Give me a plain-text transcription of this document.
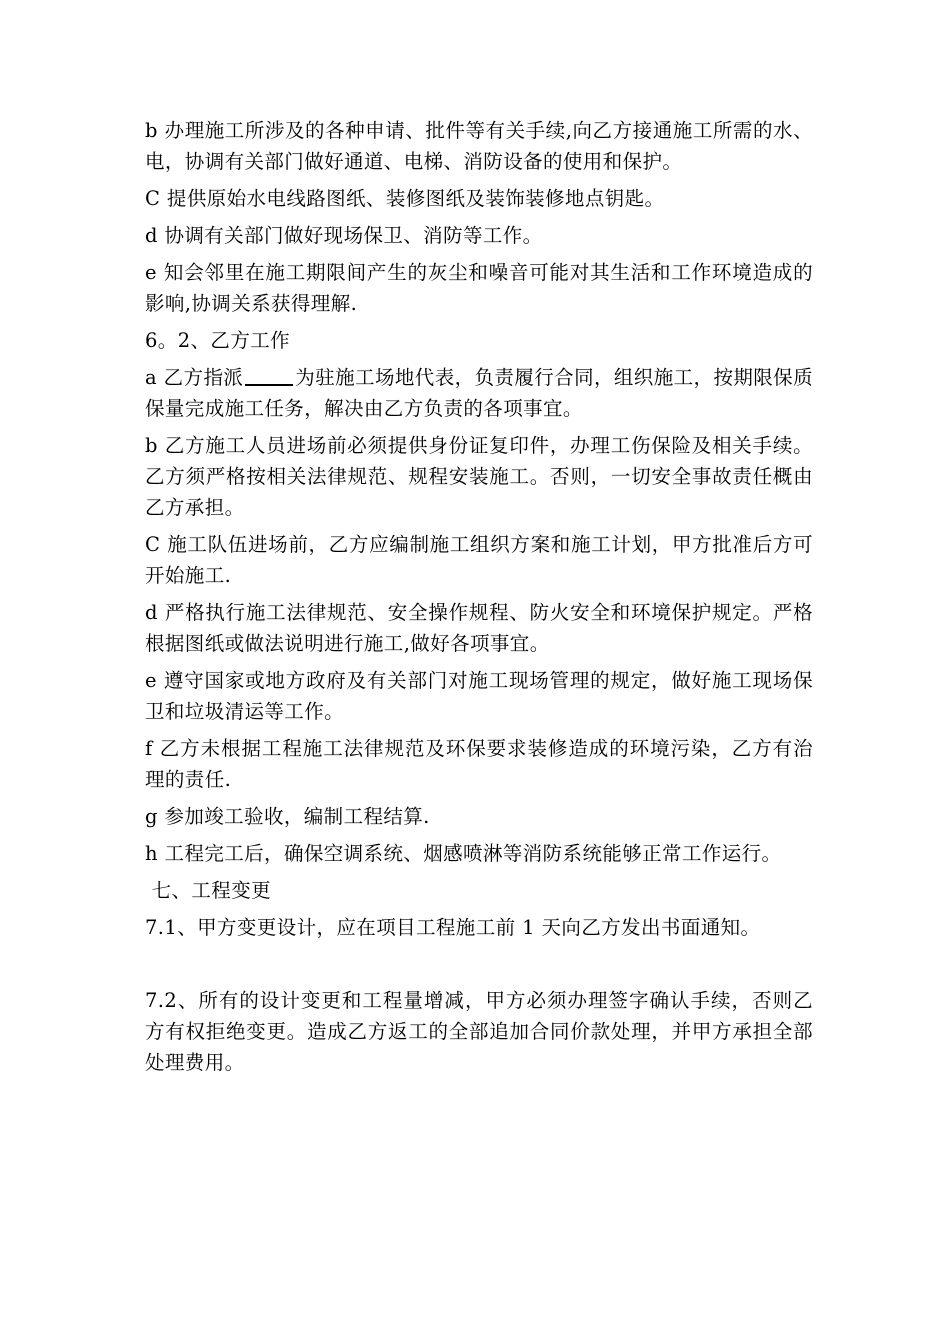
b 办理施工所涉及的各种申请、批件等有关手续,向乙方接通施工所需的水、电，协调有关部门做好通道、电梯、消防设备的使用和保护。

C 提供原始水电线路图纸、装修图纸及装饰装修地点钥匙。

d 协调有关部门做好现场保卫、消防等工作。

e 知会邻里在施工期限间产生的灰尘和噪音可能对其生活和工作环境造成的影响,协调关系获得理解.

6。2、乙方工作

a 乙方指派	为驻施工场地代表，负责履行合同，组织施工，按期限保质保量完成施工任务，解决由乙方负责的各项事宜。

b 乙方施工人员进场前必须提供身份证复印件，办理工伤保险及相关手续。乙方须严格按相关法律规范、规程安装施工。否则，一切安全事故责任概由乙方承担。

C 施工队伍进场前，乙方应编制施工组织方案和施工计划，甲方批准后方可开始施工.

d 严格执行施工法律规范、安全操作规程、防火安全和环境保护规定。严格根据图纸或做法说明进行施工,做好各项事宜。

e 遵守国家或地方政府及有关部门对施工现场管理的规定，做好施工现场保卫和垃圾清运等工作。

f 乙方未根据工程施工法律规范及环保要求装修造成的环境污染，乙方有治理的责任.

g 参加竣工验收，编制工程结算.

h 工程完工后，确保空调系统、烟感喷淋等消防系统能够正常工作运行。

七、工程变更

7.1、甲方变更设计，应在项目工程施工前 1 天向乙方发出书面通知。

7.2、所有的设计变更和工程量增减，甲方必须办理签字确认手续，否则乙方有权拒绝变更。造成乙方返工的全部追加合同价款处理，并甲方承担全部处理费用。
